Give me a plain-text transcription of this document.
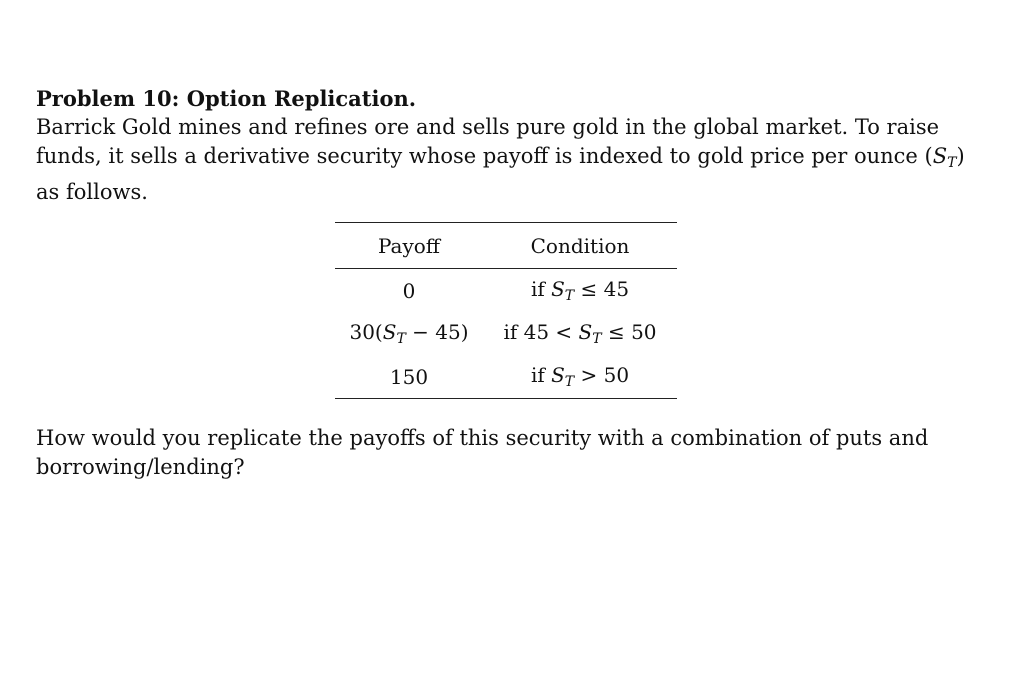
Problem 10: Option Replication.

Barrick Gold mines and refines ore and sells pure gold in the global market. To raise

funds, it sells a derivative security whose payoff is indexed to gold price per ounce $(S_T)$

as follows.

Payoff	Condition
0	if $S_T \le 45$
$30(S_T - 45)$	if $45 < S_T \le 50$
150	if $S_T > 50$

How would you replicate the payoffs of this security with a combination of puts and

borrowing/lending?
